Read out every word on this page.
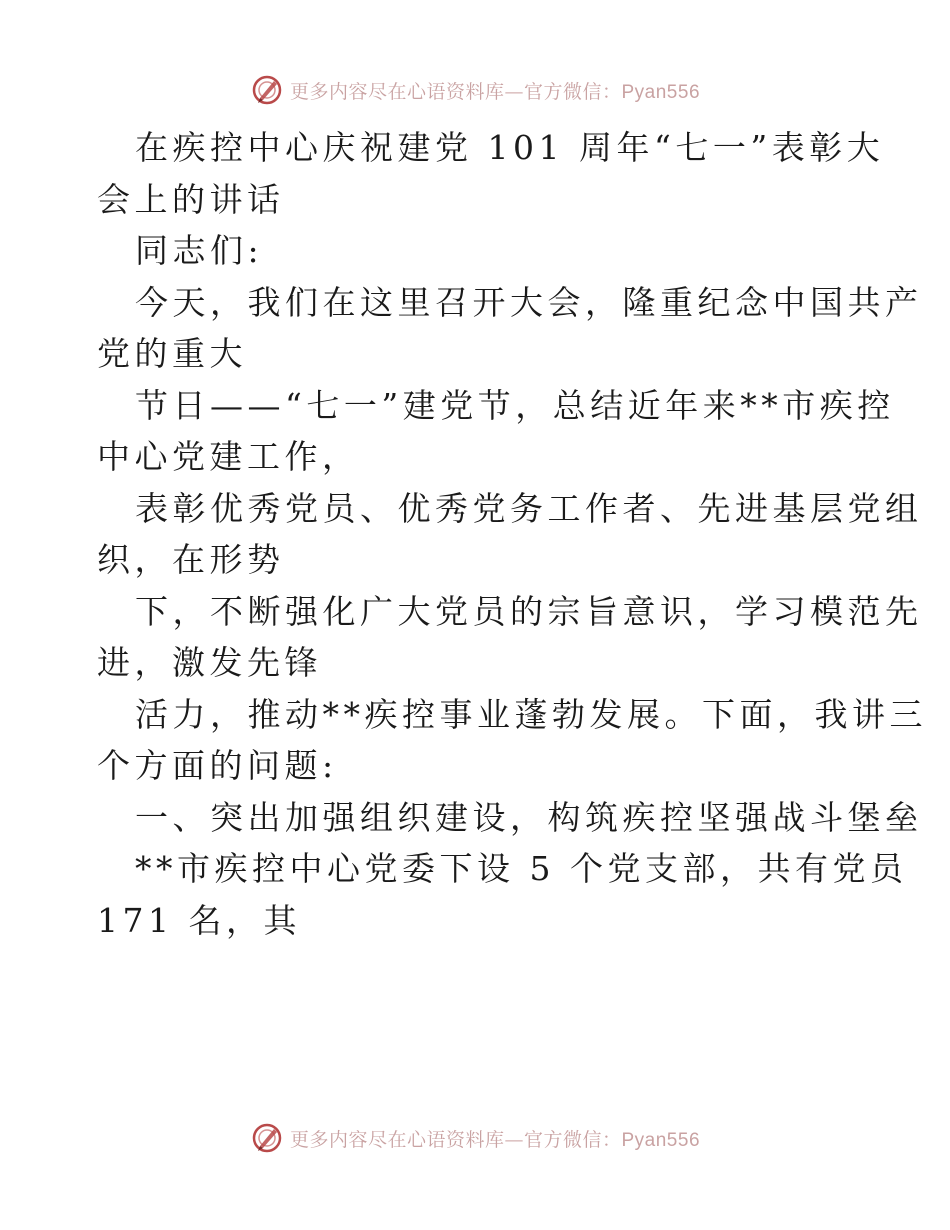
更多内容尽在心语资料库—官方微信：Pyan556
在疾控中心庆祝建党 101 周年“七一”表彰大
会上的讲话
同志们:
今天，我们在这里召开大会，隆重纪念中国共产
党的重大
节日——“七一”建党节，总结近年来**市疾控
中心党建工作，
表彰优秀党员、优秀党务工作者、先进基层党组
织，在形势
下，不断强化广大党员的宗旨意识，学习模范先
进，激发先锋
活力，推动**疾控事业蓬勃发展。下面，我讲三
个方面的问题:
一、突出加强组织建设，构筑疾控坚强战斗堡垒
**市疾控中心党委下设 5 个党支部，共有党员
171 名，其
更多内容尽在心语资料库—官方微信：Pyan556
